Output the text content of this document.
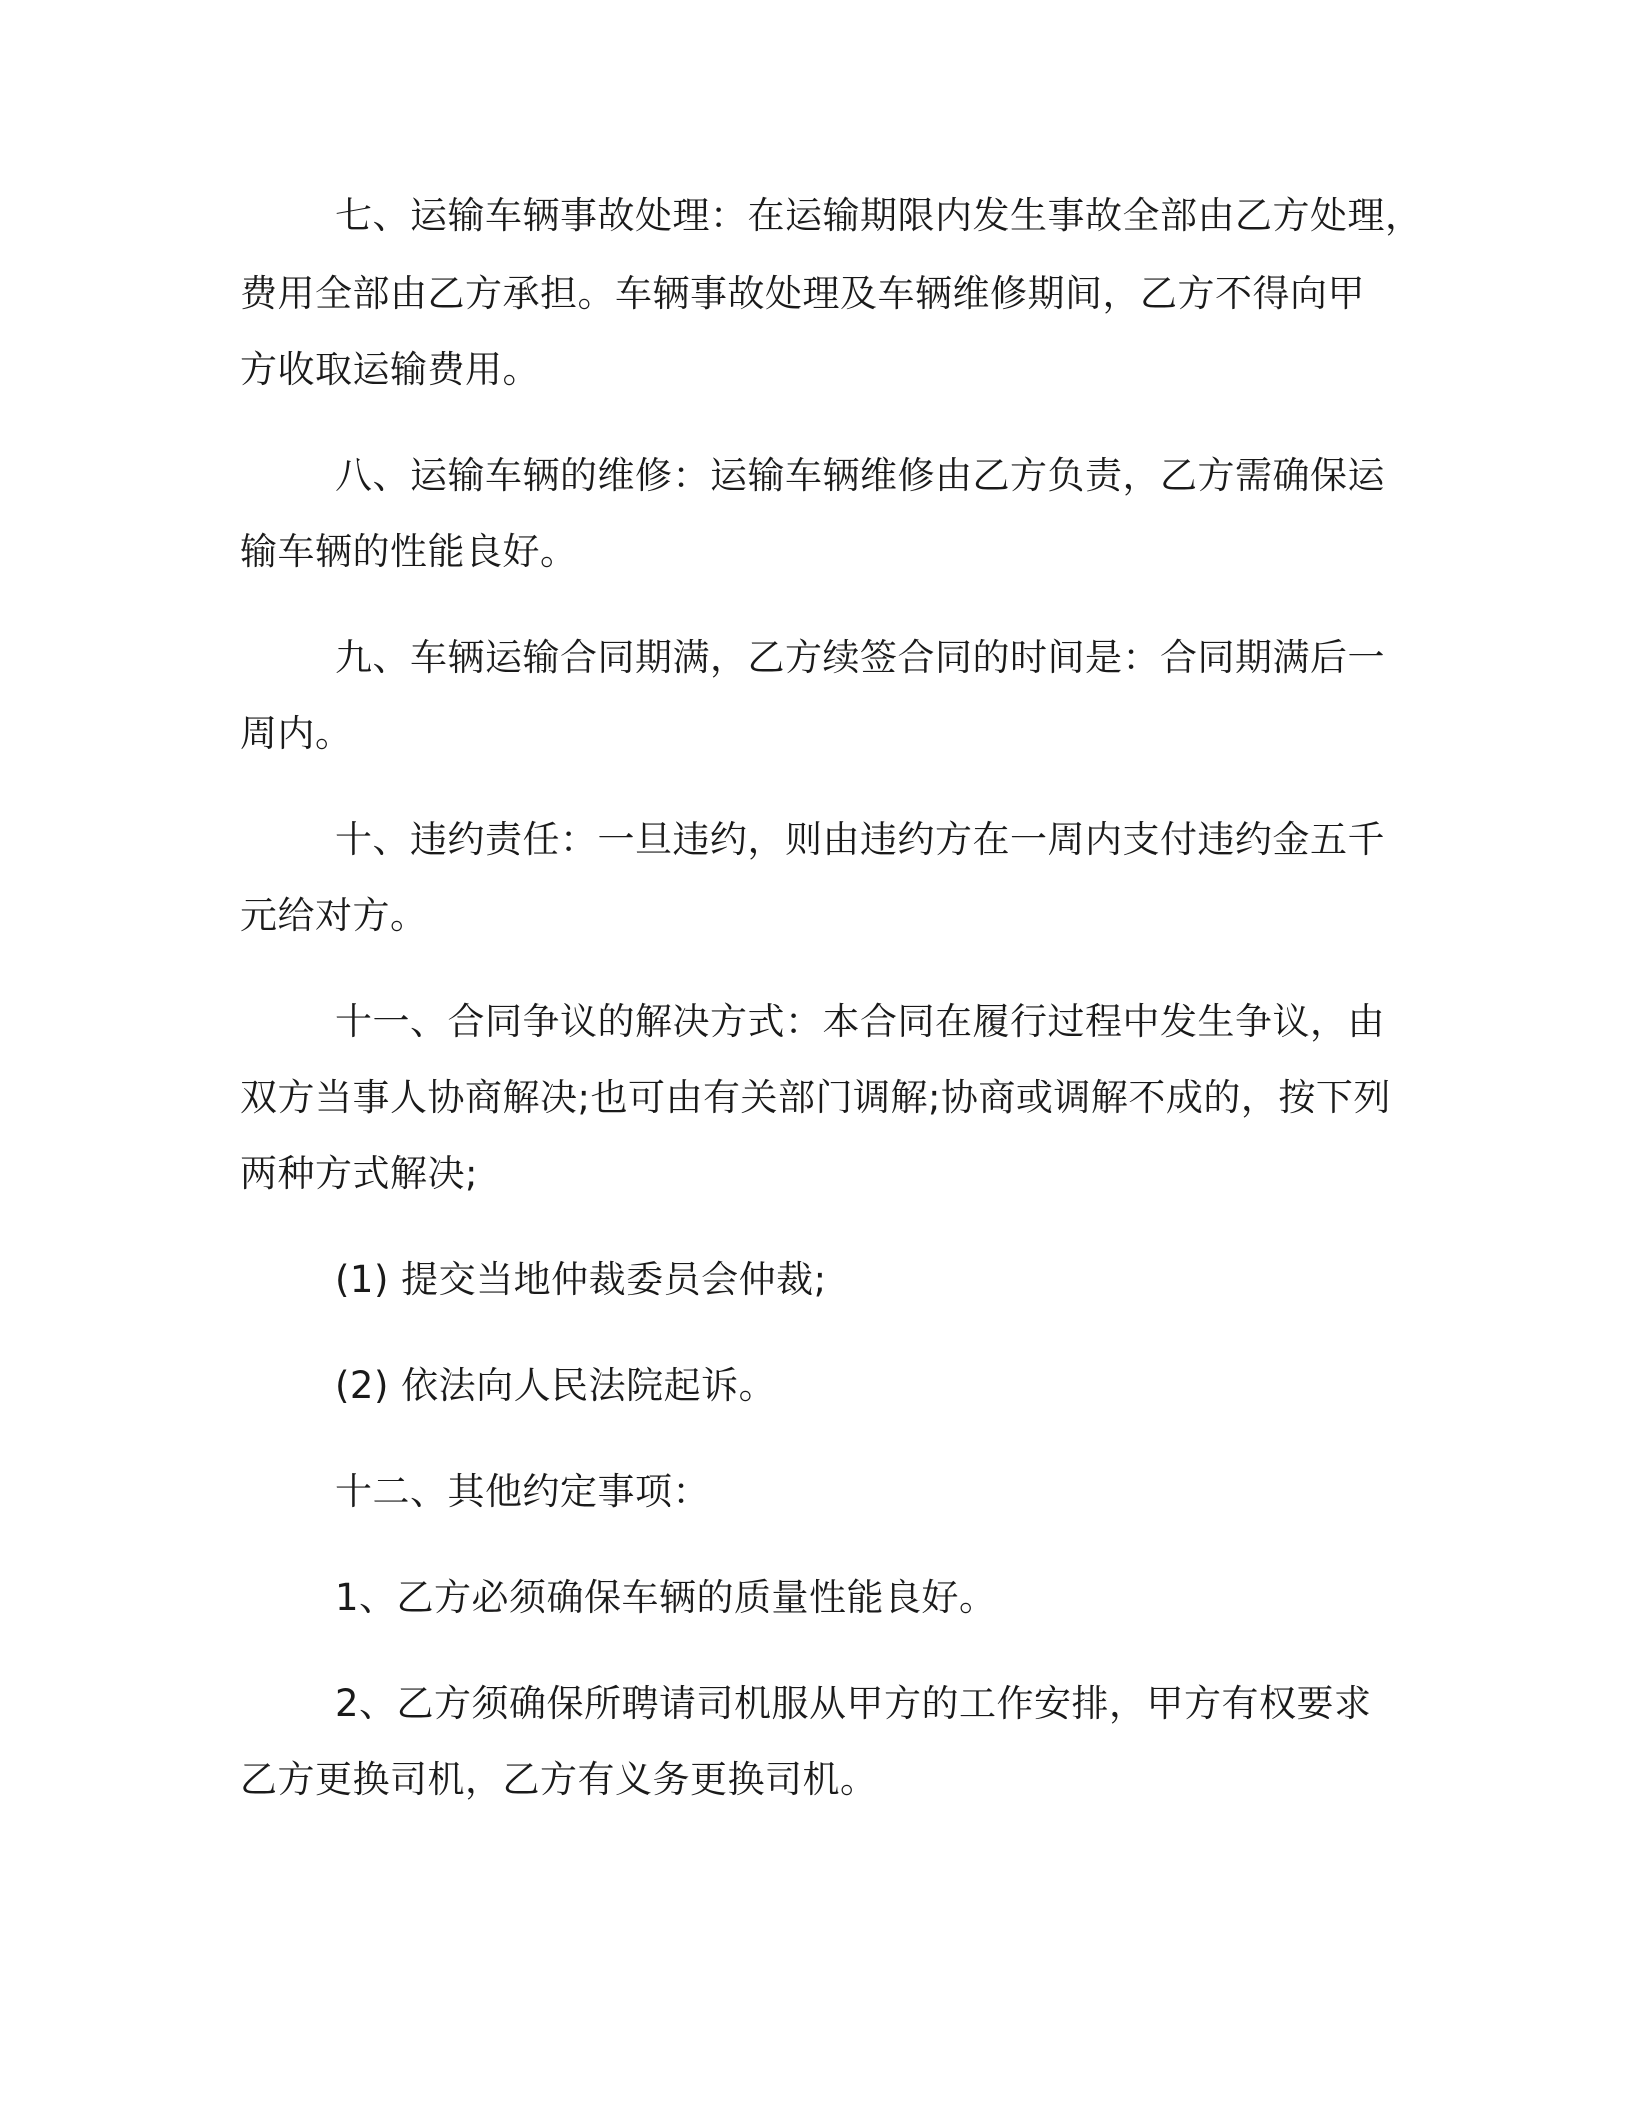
七、运输车辆事故处理：在运输期限内发生事故全部由乙方处理，
费用全部由乙方承担。车辆事故处理及车辆维修期间，乙方不得向甲
方收取运输费用。
八、运输车辆的维修：运输车辆维修由乙方负责，乙方需确保运
输车辆的性能良好。
九、车辆运输合同期满，乙方续签合同的时间是：合同期满后一
周内。
十、违约责任：一旦违约，则由违约方在一周内支付违约金五千
元给对方。
十一、合同争议的解决方式：本合同在履行过程中发生争议，由
双方当事人协商解决;也可由有关部门调解;协商或调解不成的，按下列
两种方式解决;
(1) 提交当地仲裁委员会仲裁;
(2) 依法向人民法院起诉。
十二、其他约定事项：
1、乙方必须确保车辆的质量性能良好。
2、乙方须确保所聘请司机服从甲方的工作安排，甲方有权要求
乙方更换司机，乙方有义务更换司机。
